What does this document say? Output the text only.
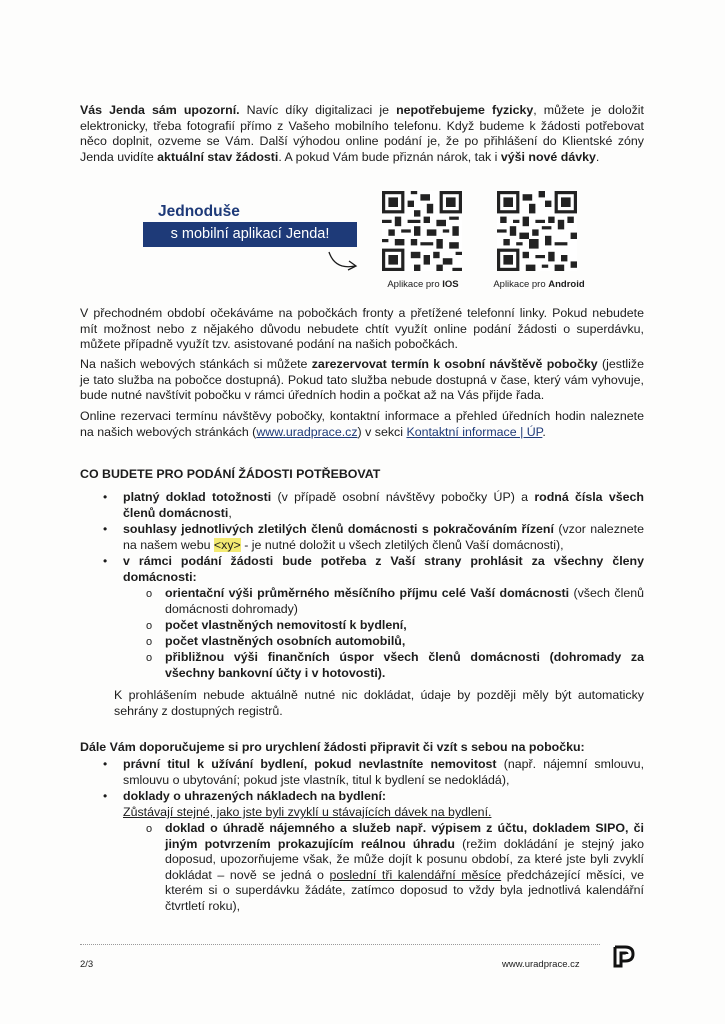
Vás Jenda sám upozorní. Navíc díky digitalizaci je nepotřebujeme fyzicky, můžete je doložit elektronicky, třeba fotografií přímo z Vašeho mobilního telefonu. Když budeme k žádosti potřebovat něco doplnit, ozveme se Vám. Další výhodou online podání je, že po přihlášení do Klientské zóny Jenda uvidíte aktuální stav žádosti. A pokud Vám bude přiznán nárok, tak i výši nové dávky.

Jednoduše
s mobilní aplikací Jenda!
Aplikace pro IOS	Aplikace pro Android

V přechodném období očekáváme na pobočkách fronty a přetížené telefonní linky. Pokud nebudete mít možnost nebo z nějakého důvodu nebudete chtít využít online podání žádosti o superdávku, můžete případně využít tzv. asistované podání na našich pobočkách.

Na našich webových stánkách si můžete zarezervovat termín k osobní návštěvě pobočky (jestliže je tato služba na pobočce dostupná). Pokud tato služba nebude dostupná v čase, který vám vyhovuje, bude nutné navštívit pobočku v rámci úředních hodin a počkat až na Vás přijde řada.

Online rezervaci termínu návštěvy pobočky, kontaktní informace a přehled úředních hodin naleznete na našich webových stránkách (www.uradprace.cz) v sekci Kontaktní informace | ÚP.

CO BUDETE PRO PODÁNÍ ŽÁDOSTI POTŘEBOVAT
• platný doklad totožnosti (v případě osobní návštěvy pobočky ÚP) a rodná čísla všech členů domácnosti,

• souhlasy jednotlivých zletilých členů domácnosti s pokračováním řízení (vzor naleznete na našem webu <xy> - je nutné doložit u všech zletilých členů Vaší domácnosti),

• v rámci podání žádosti bude potřeba z Vaší strany prohlásit za všechny členy domácnosti:

o orientační výši průměrného měsíčního příjmu celé Vaší domácnosti (všech členů domácnosti dohromady)

o počet vlastněných nemovitostí k bydlení,

o počet vlastněných osobních automobilů,

o přibližnou výši finančních úspor všech členů domácnosti (dohromady za všechny bankovní účty i v hotovosti).

K prohlášením nebude aktuálně nutné nic dokládat, údaje by později měly být automaticky sehrány z dostupných registrů.

Dále Vám doporučujeme si pro urychlení žádosti připravit či vzít s sebou na pobočku:
• právní titul k užívání bydlení, pokud nevlastníte nemovitost (např. nájemní smlouvu, smlouvu o ubytování; pokud jste vlastník, titul k bydlení se nedokládá),

• doklady o uhrazených nákladech na bydlení:

Zůstávají stejné, jako jste byli zvyklí u stávajících dávek na bydlení.

o doklad o úhradě nájemného a služeb např. výpisem z účtu, dokladem SIPO, či jiným potvrzením prokazujícím reálnou úhradu (režim dokládání je stejný jako doposud, upozorňujeme však, že může dojít k posunu období, za které jste byli zvyklí dokládat – nově se jedná o poslední tři kalendářní měsíce předcházející měsíci, ve kterém si o superdávku žádáte, zatímco doposud to vždy byla jednotlivá kalendářní čtvrtletí roku),

2/3	www.uradprace.cz
